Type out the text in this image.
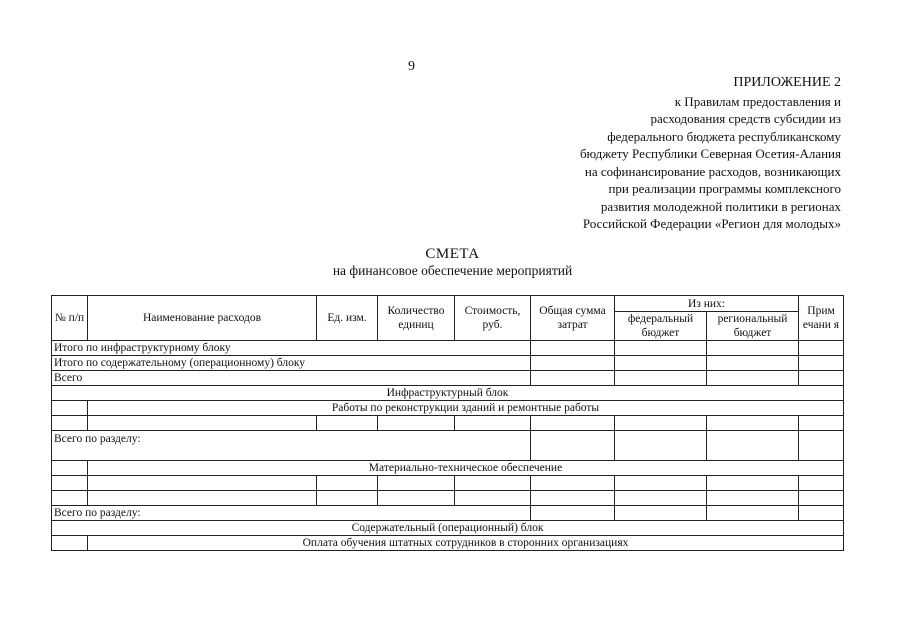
9
ПРИЛОЖЕНИЕ 2
к Правилам предоставления и
расходования средств субсидии из
федерального бюджета республиканскому
бюджету Республики Северная Осетия-Алания
на софинансирование расходов, возникающих
при реализации программы комплексного
развития молодежной политики в регионах
Российской Федерации «Регион для молодых»
СМЕТА
на финансовое обеспечение мероприятий
№ п/п	Наименование расходов	Ед. изм.	Количество единиц	Стоимость, руб.	Общая сумма затрат	Из них:		Прим ечани я
						федеральный бюджет	региональный бюджет	
Итого по инфраструктурному блоку								
Итого по содержательному (операционному) блоку								
Всего								
Инфраструктурный блок								
	Работы по реконструкции зданий и ремонтные работы							

Всего по разделу:								
	Материально-техническое обеспечение							

Всего по разделу:								
Содержательный (операционный) блок								
	Оплата обучения штатных сотрудников в сторонних организациях							
